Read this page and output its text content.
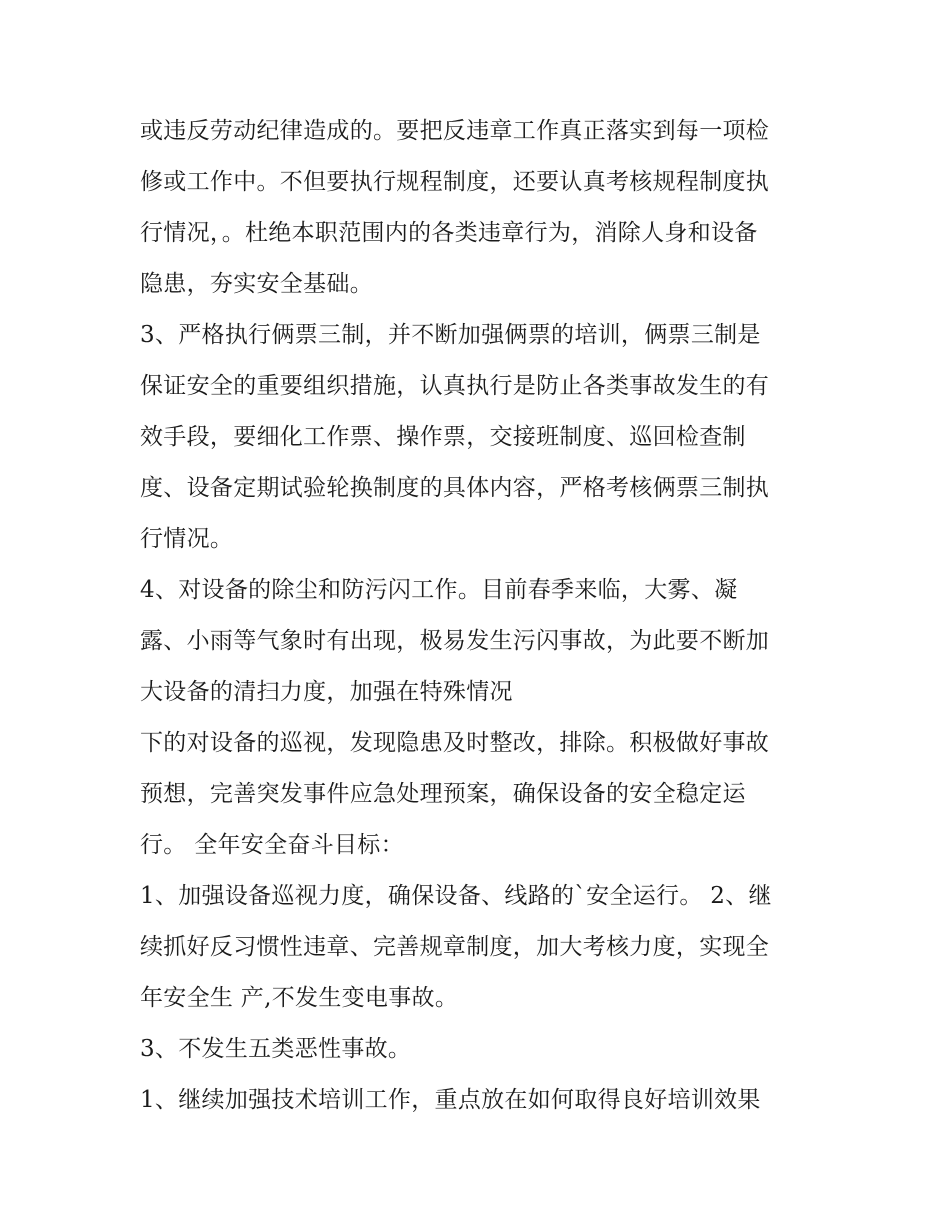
或违反劳动纪律造成的。要把反违章工作真正落实到每一项检
修或工作中。不但要执行规程制度，还要认真考核规程制度执
行情况，。杜绝本职范围内的各类违章行为，消除人身和设备
隐患，夯实安全基础。
3、严格执行俩票三制，并不断加强俩票的培训，俩票三制是
保证安全的重要组织措施，认真执行是防止各类事故发生的有
效手段，要细化工作票、操作票，交接班制度、巡回检查制
度、设备定期试验轮换制度的具体内容，严格考核俩票三制执
行情况。
4、对设备的除尘和防污闪工作。目前春季来临，大雾、凝
露、小雨等气象时有出现，极易发生污闪事故，为此要不断加
大设备的清扫力度，加强在特殊情况
下的对设备的巡视，发现隐患及时整改，排除。积极做好事故
预想，完善突发事件应急处理预案，确保设备的安全稳定运
行。 全年安全奋斗目标：
1、加强设备巡视力度，确保设备、线路的`安全运行。 2、继
续抓好反习惯性违章、完善规章制度，加大考核力度，实现全
年安全生 产,不发生变电事故。
3、不发生五类恶性事故。
1、继续加强技术培训工作，重点放在如何取得良好培训效果
